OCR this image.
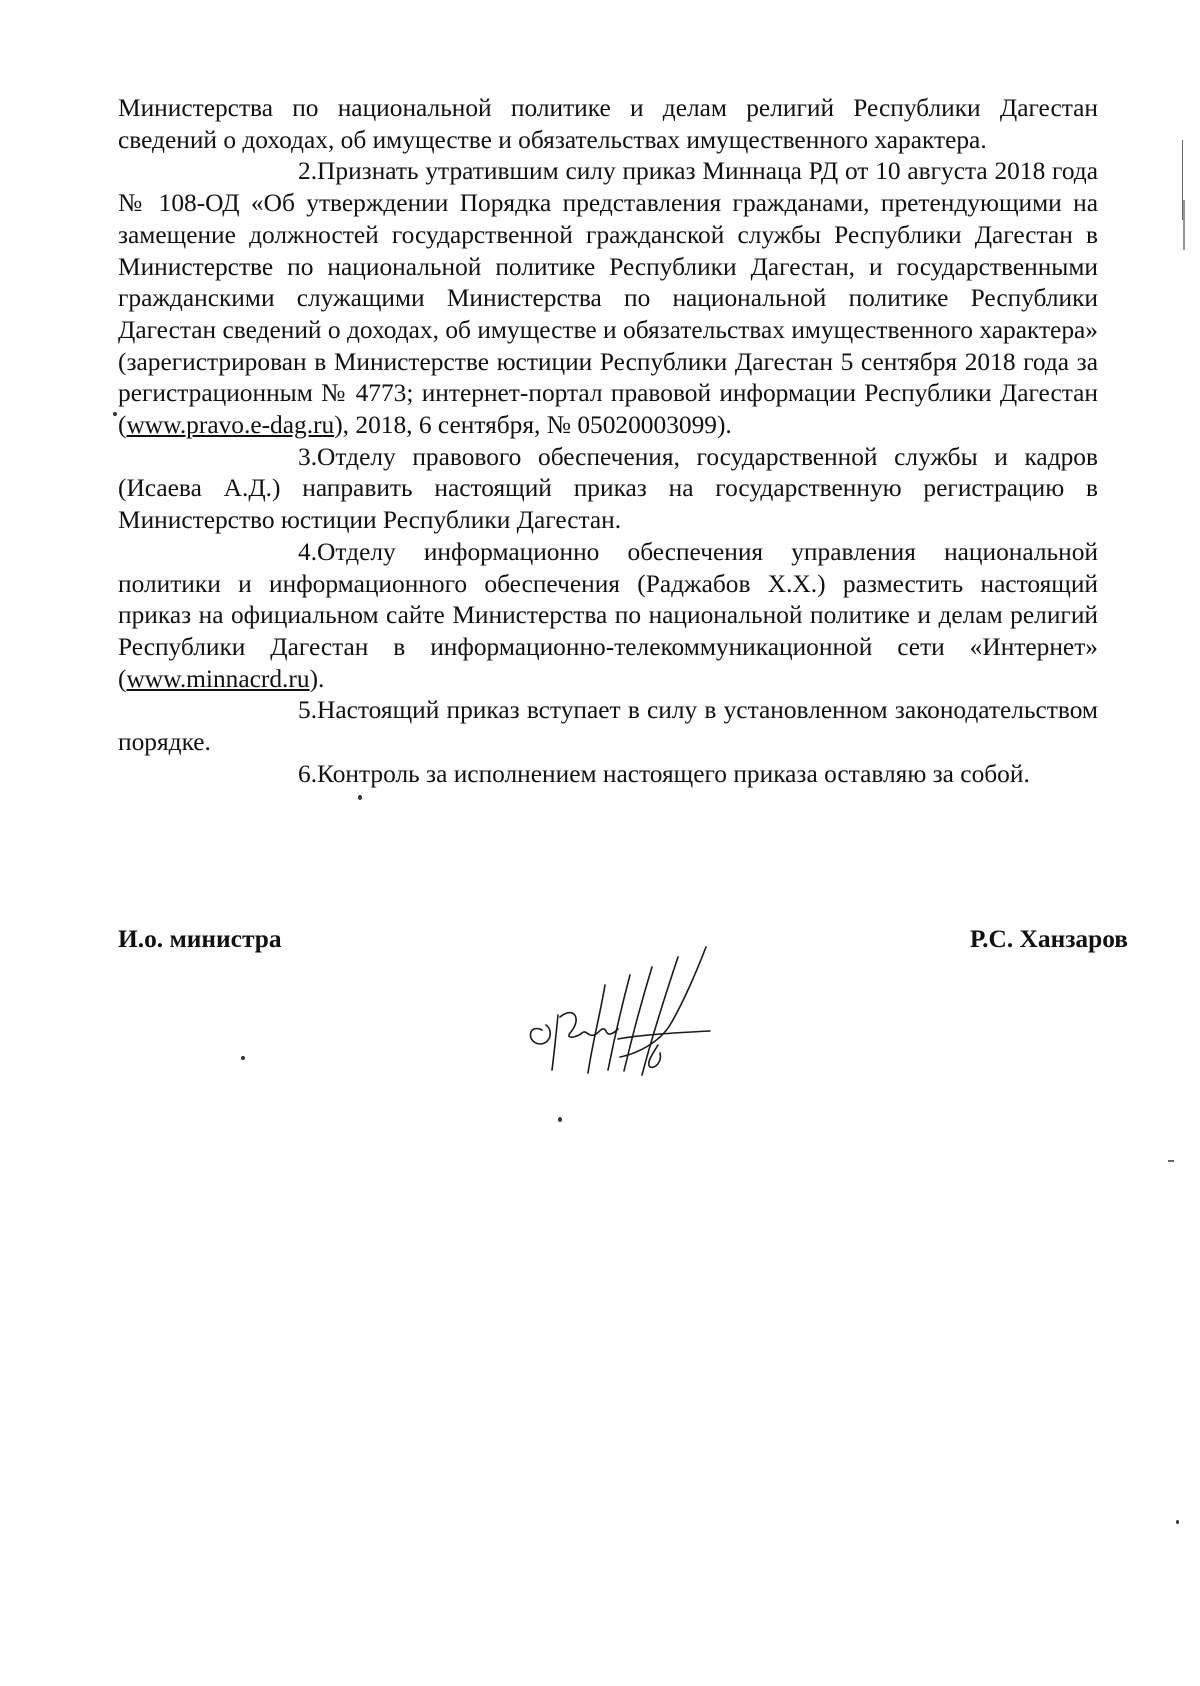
Министерства по национальной политике и делам религий Республики Дагестан сведений о доходах, об имуществе и обязательствах имущественного характера.

2.Признать утратившим силу приказ Миннаца РД от 10 августа 2018 года № 108-ОД «Об утверждении Порядка представления гражданами, претендующими на замещение должностей государственной гражданской службы Республики Дагестан в Министерстве по национальной политике Республики Дагестан, и государственными гражданскими служащими Министерства по национальной политике Республики Дагестан сведений о доходах, об имуществе и обязательствах имущественного характера» (зарегистрирован в Министерстве юстиции Республики Дагестан 5 сентября 2018 года за регистрационным № 4773; интернет-портал правовой информации Республики Дагестан (www.pravo.e-dag.ru), 2018, 6 сентября, № 05020003099).

3.Отделу правового обеспечения, государственной службы и кадров (Исаева А.Д.) направить настоящий приказ на государственную регистрацию в Министерство юстиции Республики Дагестан.

4.Отделу информационно обеспечения управления национальной политики и информационного обеспечения (Раджабов Х.Х.) разместить настоящий приказ на официальном сайте Министерства по национальной политике и делам религий Республики Дагестан в информационно-телекоммуникационной сети «Интернет» (www.minnacrd.ru).

5.Настоящий приказ вступает в силу в установленном законодательством порядке.

6.Контроль за исполнением настоящего приказа оставляю за собой.

И.о. министра	Р.С. Ханзаров
